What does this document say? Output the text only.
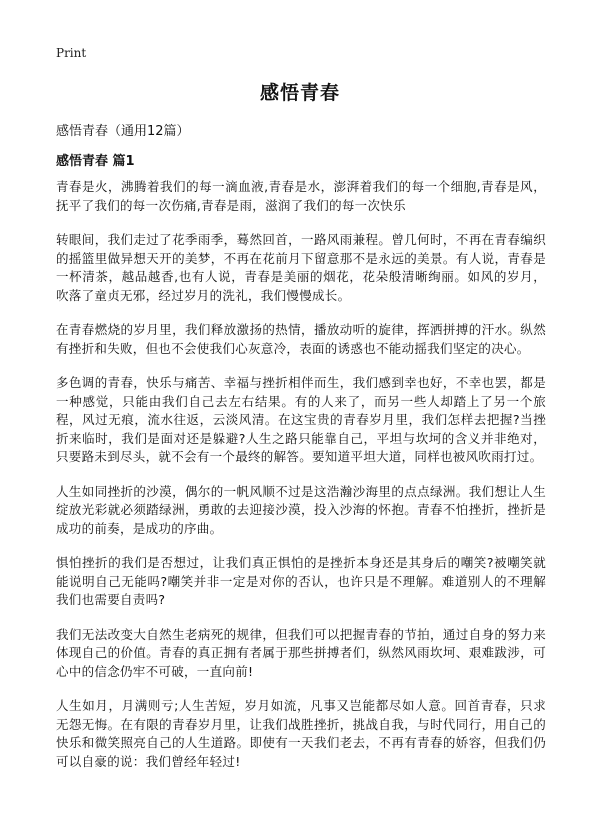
Print
感悟青春

感悟青春（通用12篇）

感悟青春 篇1

青春是火，沸腾着我们的每一滴血液,青春是水，澎湃着我们的每一个细胞,青春是风，抚平了我们的每一次伤痛,青春是雨，滋润了我们的每一次快乐

转眼间，我们走过了花季雨季，蓦然回首，一路风雨兼程。曾几何时，不再在青春编织的摇篮里做异想天开的美梦，不再在花前月下留意那不是永远的美景。有人说，青春是一杯清茶，越品越香,也有人说，青春是美丽的烟花，花朵般清晰绚丽。如风的岁月，吹落了童贞无邪，经过岁月的洗礼，我们慢慢成长。

在青春燃烧的岁月里，我们释放激扬的热情，播放动听的旋律，挥洒拼搏的汗水。纵然有挫折和失败，但也不会使我们心灰意冷，表面的诱惑也不能动摇我们坚定的决心。

多色调的青春，快乐与痛苦、幸福与挫折相伴而生，我们感到幸也好，不幸也罢，都是一种感觉，只能由我们自己去左右结果。有的人来了，而另一些人却踏上了另一个旅程，风过无痕，流水往返，云淡风清。在这宝贵的青春岁月里，我们怎样去把握?当挫折来临时，我们是面对还是躲避?人生之路只能靠自己，平坦与坎坷的含义并非绝对，只要路未到尽头，就不会有一个最终的解答。要知道平坦大道，同样也被风吹雨打过。

人生如同挫折的沙漠，偶尔的一帆风顺不过是这浩瀚沙海里的点点绿洲。我们想让人生绽放光彩就必须踏绿洲，勇敢的去迎接沙漠，投入沙海的怀抱。青春不怕挫折，挫折是成功的前奏，是成功的序曲。

惧怕挫折的我们是否想过，让我们真正惧怕的是挫折本身还是其身后的嘲笑?被嘲笑就能说明自己无能吗?嘲笑并非一定是对你的否认，也许只是不理解。难道别人的不理解我们也需要自责吗?

我们无法改变大自然生老病死的规律，但我们可以把握青春的节拍，通过自身的努力来体现自己的价值。青春的真正拥有者属于那些拼搏者们，纵然风雨坎坷、艰难跋涉，可心中的信念仍牢不可破，一直向前!

人生如月，月满则亏;人生苦短，岁月如流，凡事又岂能都尽如人意。回首青春，只求无怨无悔。在有限的青春岁月里，让我们战胜挫折，挑战自我，与时代同行，用自己的快乐和微笑照亮自己的人生道路。即使有一天我们老去，不再有青春的娇容，但我们仍可以自豪的说：我们曾经年轻过!
